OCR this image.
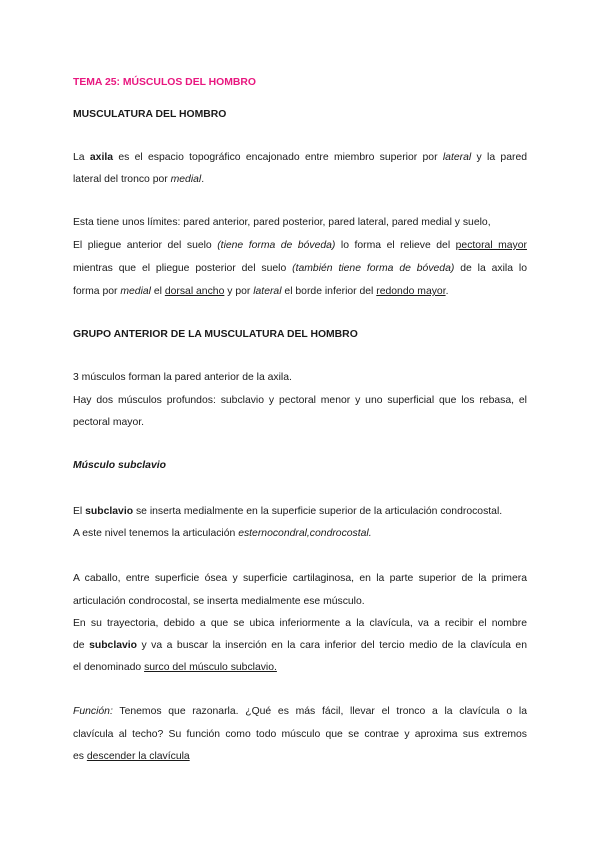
TEMA 25: MÚSCULOS DEL HOMBRO
MUSCULATURA DEL HOMBRO
La axila es el espacio topográfico encajonado entre miembro superior por lateral y la pared
lateral del tronco por medial.
Esta tiene unos límites: pared anterior, pared posterior, pared lateral, pared medial y suelo,
El pliegue anterior del suelo (tiene forma de bóveda) lo forma el relieve del pectoral mayor
mientras que el pliegue posterior del suelo (también tiene forma de bóveda) de la axila lo
forma por medial el dorsal ancho y por lateral el borde inferior del redondo mayor.
GRUPO ANTERIOR DE LA MUSCULATURA DEL HOMBRO
3 músculos forman la pared anterior de la axila.
Hay dos músculos profundos: subclavio y pectoral menor y uno superficial que los rebasa, el
pectoral mayor.
Músculo subclavio
El subclavio se inserta medialmente en la superficie superior de la articulación condrocostal.
A este nivel tenemos la articulación esternocondral,condrocostal.
A caballo, entre superficie ósea y superficie cartilaginosa, en la parte superior de la primera
articulación condrocostal, se inserta medialmente ese músculo.
En su trayectoria, debido a que se ubica inferiormente a la clavícula, va a recibir el nombre
de subclavio y va a buscar la inserción en la cara inferior del tercio medio de la clavícula en
el denominado surco del músculo subclavio.
Función: Tenemos que razonarla. ¿Qué es más fácil, llevar el tronco a la clavícula o la
clavícula al techo? Su función como todo músculo que se contrae y aproxima sus extremos
es descender la clavícula
